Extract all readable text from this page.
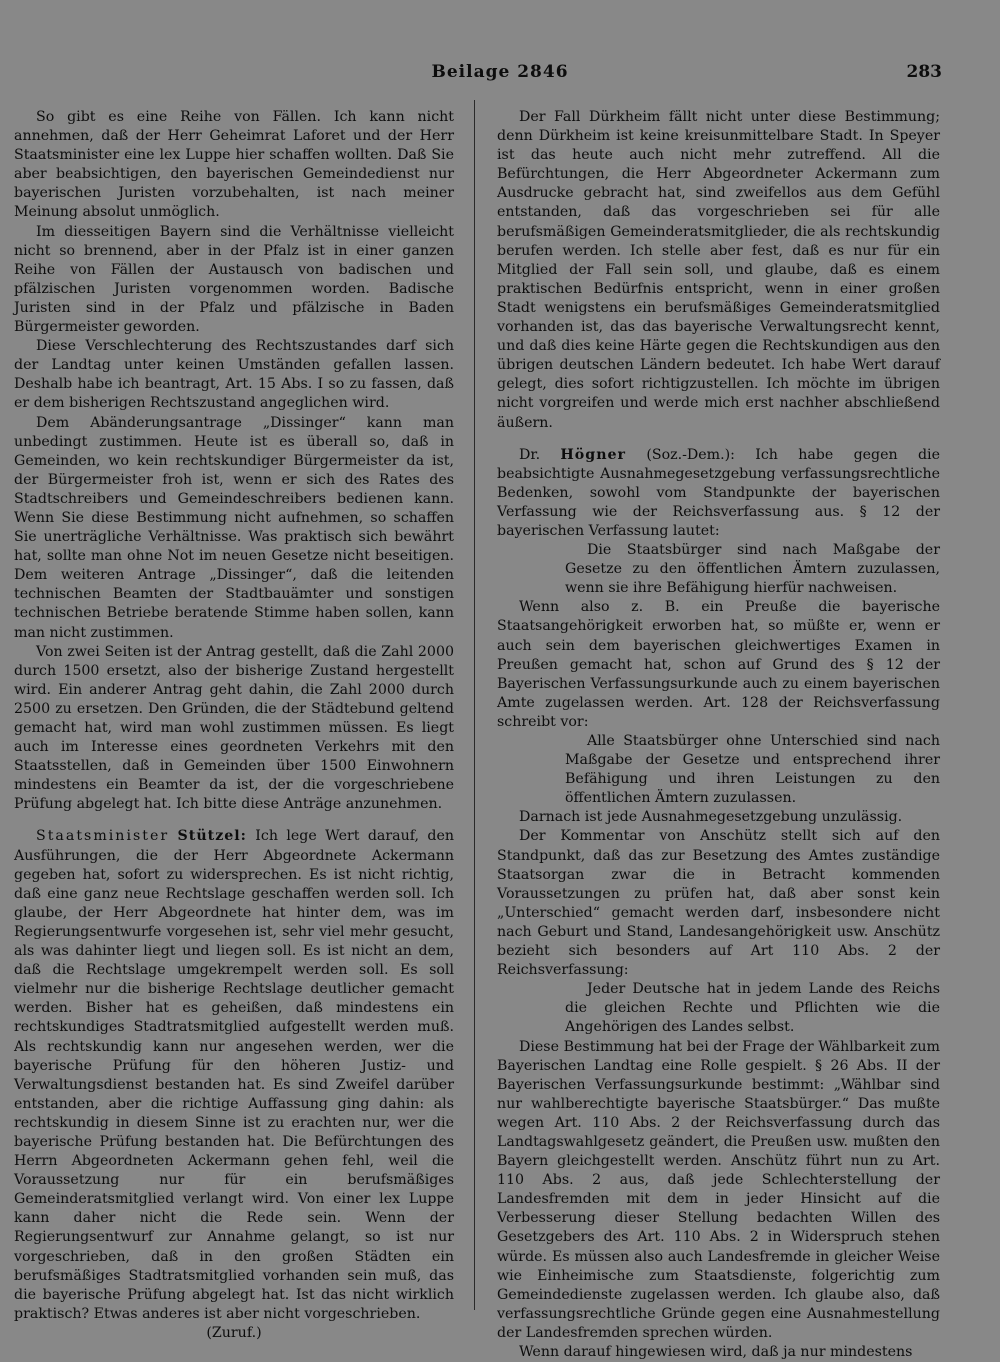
Beilage 2846	283

So gibt es eine Reihe von Fällen. Ich kann nicht annehmen, daß der Herr Geheimrat Laforet und der Herr Staatsminister eine lex Luppe hier schaffen wollten. Daß Sie aber beabsichtigen, den bayerischen Gemeindedienst nur bayerischen Juristen vorzubehalten, ist nach meiner Meinung absolut unmöglich.

Im diesseitigen Bayern sind die Verhältnisse vielleicht nicht so brennend, aber in der Pfalz ist in einer ganzen Reihe von Fällen der Austausch von badischen und pfälzischen Juristen vorgenommen worden. Badische Juristen sind in der Pfalz und pfälzische in Baden Bürgermeister geworden.

Diese Verschlechterung des Rechtszustandes darf sich der Landtag unter keinen Umständen gefallen lassen. Deshalb habe ich beantragt, Art. 15 Abs. I so zu fassen, daß er dem bisherigen Rechtszustand angeglichen wird.

Dem Abänderungsantrage „Dissinger“ kann man unbedingt zustimmen. Heute ist es überall so, daß in Gemeinden, wo kein rechtskundiger Bürgermeister da ist, der Bürgermeister froh ist, wenn er sich des Rates des Stadtschreibers und Gemeindeschreibers bedienen kann. Wenn Sie diese Bestimmung nicht aufnehmen, so schaffen Sie unerträgliche Verhältnisse. Was praktisch sich bewährt hat, sollte man ohne Not im neuen Gesetze nicht beseitigen. Dem weiteren Antrage „Dissinger“, daß die leitenden technischen Beamten der Stadtbauämter und sonstigen technischen Betriebe beratende Stimme haben sollen, kann man nicht zustimmen.

Von zwei Seiten ist der Antrag gestellt, daß die Zahl 2000 durch 1500 ersetzt, also der bisherige Zustand hergestellt wird. Ein anderer Antrag geht dahin, die Zahl 2000 durch 2500 zu ersetzen. Den Gründen, die der Städtebund geltend gemacht hat, wird man wohl zustimmen müssen. Es liegt auch im Interesse eines geordneten Verkehrs mit den Staatsstellen, daß in Gemeinden über 1500 Einwohnern mindestens ein Beamter da ist, der die vorgeschriebene Prüfung abgelegt hat. Ich bitte diese Anträge anzunehmen.

Staatsminister Stützel: Ich lege Wert darauf, den Ausführungen, die der Herr Abgeordnete Ackermann gegeben hat, sofort zu widersprechen. Es ist nicht richtig, daß eine ganz neue Rechtslage geschaffen werden soll. Ich glaube, der Herr Abgeordnete hat hinter dem, was im Regierungsentwurfe vorgesehen ist, sehr viel mehr gesucht, als was dahinter liegt und liegen soll. Es ist nicht an dem, daß die Rechtslage umgekrempelt werden soll. Es soll vielmehr nur die bisherige Rechtslage deutlicher gemacht werden. Bisher hat es geheißen, daß mindestens ein rechtskundiges Stadtratsmitglied aufgestellt werden muß. Als rechtskundig kann nur angesehen werden, wer die bayerische Prüfung für den höheren Justiz- und Verwaltungsdienst bestanden hat. Es sind Zweifel darüber entstanden, aber die richtige Auffassung ging dahin: als rechtskundig in diesem Sinne ist zu erachten nur, wer die bayerische Prüfung bestanden hat. Die Befürchtungen des Herrn Abgeordneten Ackermann gehen fehl, weil die Voraussetzung nur für ein berufsmäßiges Gemeinderatsmitglied verlangt wird. Von einer lex Luppe kann daher nicht die Rede sein. Wenn der Regierungsentwurf zur Annahme gelangt, so ist nur vorgeschrieben, daß in den großen Städten ein berufsmäßiges Stadtratsmitglied vorhanden sein muß, das die bayerische Prüfung abgelegt hat. Ist das nicht wirklich praktisch? Etwas anderes ist aber nicht vorgeschrieben.

(Zuruf.)

Der Fall Dürkheim fällt nicht unter diese Bestimmung; denn Dürkheim ist keine kreisunmittelbare Stadt. In Speyer ist das heute auch nicht mehr zutreffend. All die Befürchtungen, die Herr Abgeordneter Ackermann zum Ausdrucke gebracht hat, sind zweifellos aus dem Gefühl entstanden, daß das vorgeschrieben sei für alle berufsmäßigen Gemeinderatsmitglieder, die als rechtskundig berufen werden. Ich stelle aber fest, daß es nur für ein Mitglied der Fall sein soll, und glaube, daß es einem praktischen Bedürfnis entspricht, wenn in einer großen Stadt wenigstens ein berufsmäßiges Gemeinderatsmitglied vorhanden ist, das das bayerische Verwaltungsrecht kennt, und daß dies keine Härte gegen die Rechtskundigen aus den übrigen deutschen Ländern bedeutet. Ich habe Wert darauf gelegt, dies sofort richtigzustellen. Ich möchte im übrigen nicht vorgreifen und werde mich erst nachher abschließend äußern.

Dr. Högner (Soz.-Dem.): Ich habe gegen die beabsichtigte Ausnahmegesetzgebung verfassungsrechtliche Bedenken, sowohl vom Standpunkte der bayerischen Verfassung wie der Reichsverfassung aus. § 12 der bayerischen Verfassung lautet:

Die Staatsbürger sind nach Maßgabe der Gesetze zu den öffentlichen Ämtern zuzulassen, wenn sie ihre Befähigung hierfür nachweisen.

Wenn also z. B. ein Preuße die bayerische Staatsangehörigkeit erworben hat, so müßte er, wenn er auch sein dem bayerischen gleichwertiges Examen in Preußen gemacht hat, schon auf Grund des § 12 der Bayerischen Verfassungsurkunde auch zu einem bayerischen Amte zugelassen werden. Art. 128 der Reichsverfassung schreibt vor:

Alle Staatsbürger ohne Unterschied sind nach Maßgabe der Gesetze und entsprechend ihrer Befähigung und ihren Leistungen zu den öffentlichen Ämtern zuzulassen.

Darnach ist jede Ausnahmegesetzgebung unzulässig.

Der Kommentar von Anschütz stellt sich auf den Standpunkt, daß das zur Besetzung des Amtes zuständige Staatsorgan zwar die in Betracht kommenden Voraussetzungen zu prüfen hat, daß aber sonst kein „Unterschied“ gemacht werden darf, insbesondere nicht nach Geburt und Stand, Landesangehörigkeit usw. Anschütz bezieht sich besonders auf Art 110 Abs. 2 der Reichsverfassung:

Jeder Deutsche hat in jedem Lande des Reichs die gleichen Rechte und Pflichten wie die Angehörigen des Landes selbst.

Diese Bestimmung hat bei der Frage der Wählbarkeit zum Bayerischen Landtag eine Rolle gespielt. § 26 Abs. II der Bayerischen Verfassungsurkunde bestimmt: „Wählbar sind nur wahlberechtigte bayerische Staatsbürger.“ Das mußte wegen Art. 110 Abs. 2 der Reichsverfassung durch das Landtagswahlgesetz geändert, die Preußen usw. mußten den Bayern gleichgestellt werden. Anschütz führt nun zu Art. 110 Abs. 2 aus, daß jede Schlechterstellung der Landesfremden mit dem in jeder Hinsicht auf die Verbesserung dieser Stellung bedachten Willen des Gesetzgebers des Art. 110 Abs. 2 in Widerspruch stehen würde. Es müssen also auch Landesfremde in gleicher Weise wie Einheimische zum Staatsdienste, folgerichtig zum Gemeindedienste zugelassen werden. Ich glaube also, daß verfassungsrechtliche Gründe gegen eine Ausnahmestellung der Landesfremden sprechen würden.

Wenn darauf hingewiesen wird, daß ja nur mindestens
